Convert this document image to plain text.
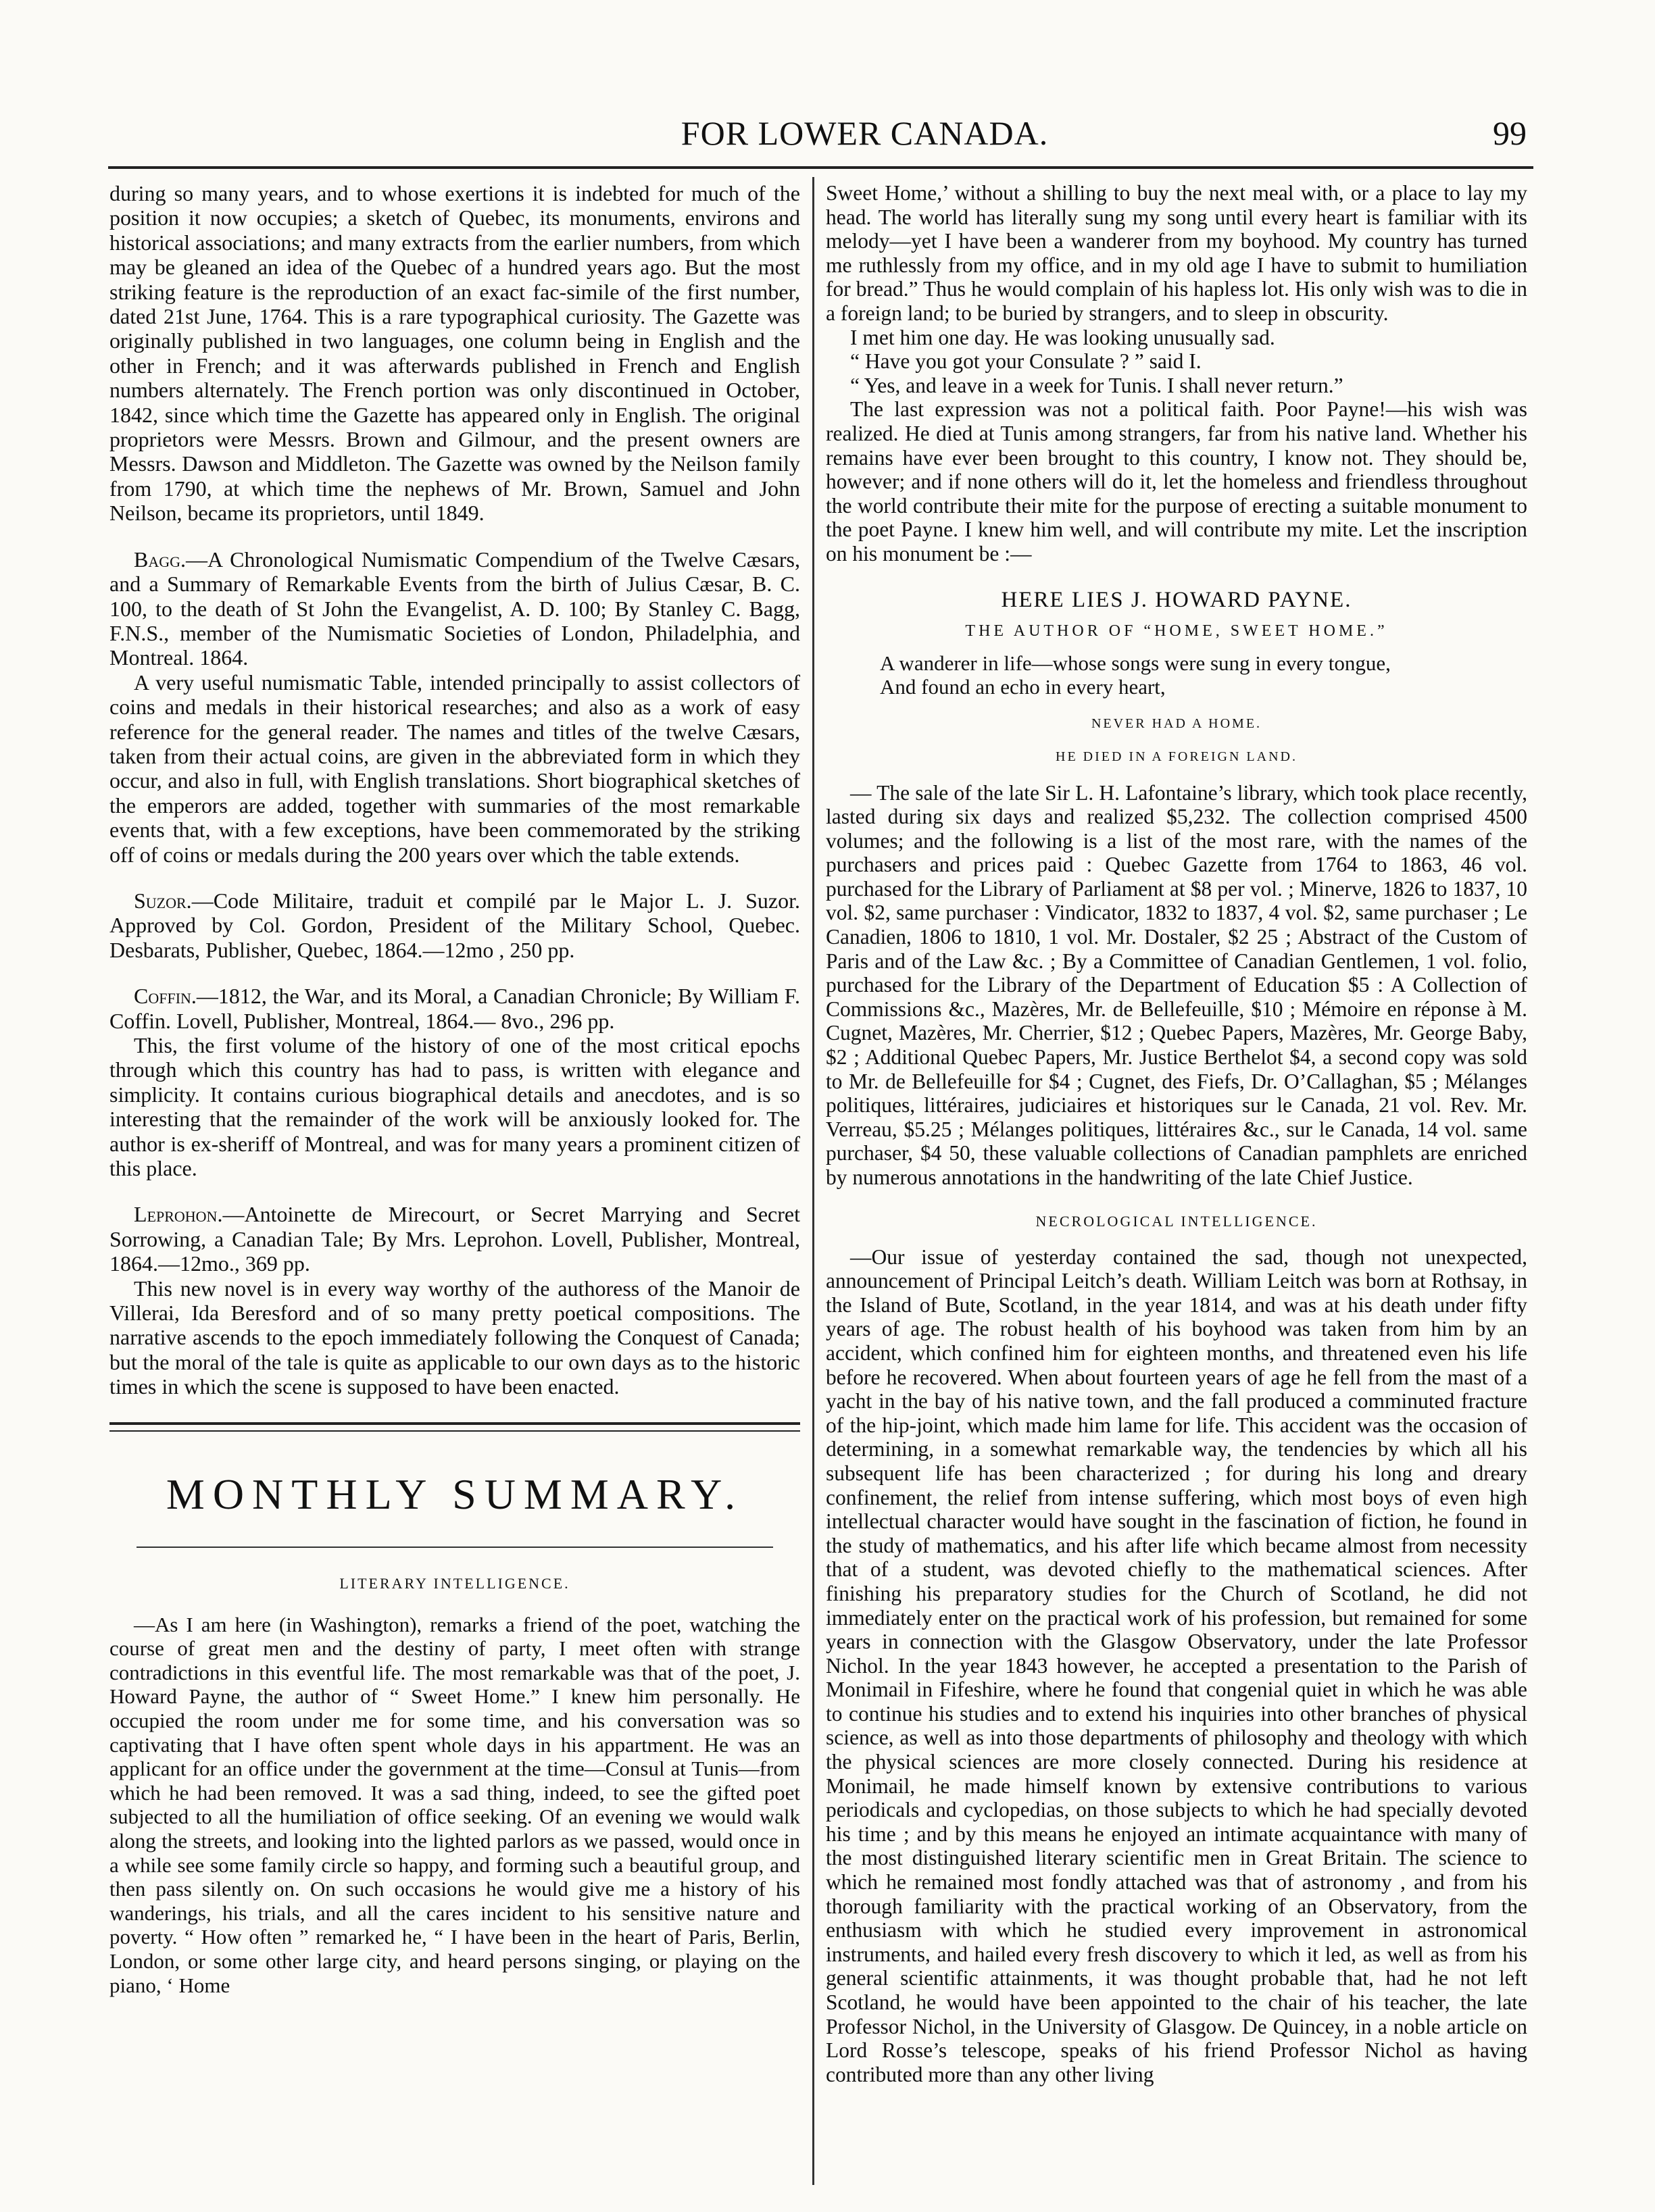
FOR LOWER CANADA.	99

during so many years, and to whose exertions it is indebted for much of the position it now occupies; a sketch of Quebec, its monuments, environs and historical associations; and many extracts from the earlier numbers, from which may be gleaned an idea of the Quebec of a hundred years ago. But the most striking feature is the reproduction of an exact fac-simile of the first number, dated 21st June, 1764. This is a rare typographical curiosity. The Gazette was originally published in two languages, one column being in English and the other in French; and it was afterwards published in French and English numbers alternately. The French portion was only discontinued in October, 1842, since which time the Gazette has appeared only in English. The original proprietors were Messrs. Brown and Gilmour, and the present owners are Messrs. Dawson and Middleton. The Gazette was owned by the Neilson family from 1790, at which time the nephews of Mr. Brown, Samuel and John Neilson, became its proprietors, until 1849.

Bagg.—A Chronological Numismatic Compendium of the Twelve Cæsars, and a Summary of Remarkable Events from the birth of Julius Cæsar, B. C. 100, to the death of St John the Evangelist, A. D. 100; By Stanley C. Bagg, F.N.S., member of the Numismatic Societies of London, Philadelphia, and Montreal. 1864.

A very useful numismatic Table, intended principally to assist collectors of coins and medals in their historical researches; and also as a work of easy reference for the general reader. The names and titles of the twelve Cæsars, taken from their actual coins, are given in the abbreviated form in which they occur, and also in full, with English translations. Short biographical sketches of the emperors are added, together with summaries of the most remarkable events that, with a few exceptions, have been commemorated by the striking off of coins or medals during the 200 years over which the table extends.

Suzor.—Code Militaire, traduit et compilé par le Major L. J. Suzor. Approved by Col. Gordon, President of the Military School, Quebec. Desbarats, Publisher, Quebec, 1864.—12mo , 250 pp.

Coffin.—1812, the War, and its Moral, a Canadian Chronicle; By William F. Coffin. Lovell, Publisher, Montreal, 1864.— 8vo., 296 pp.

This, the first volume of the history of one of the most critical epochs through which this country has had to pass, is written with elegance and simplicity. It contains curious biographical details and anecdotes, and is so interesting that the remainder of the work will be anxiously looked for. The author is ex-sheriff of Montreal, and was for many years a prominent citizen of this place.

Leprohon.—Antoinette de Mirecourt, or Secret Marrying and Secret Sorrowing, a Canadian Tale; By Mrs. Leprohon. Lovell, Publisher, Montreal, 1864.—12mo., 369 pp.

This new novel is in every way worthy of the authoress of the Manoir de Villerai, Ida Beresford and of so many pretty poetical compositions. The narrative ascends to the epoch immediately following the Conquest of Canada; but the moral of the tale is quite as applicable to our own days as to the historic times in which the scene is supposed to have been enacted.

MONTHLY SUMMARY.
LITERARY INTELLIGENCE.

—As I am here (in Washington), remarks a friend of the poet, watching the course of great men and the destiny of party, I meet often with strange contradictions in this eventful life. The most remarkable was that of the poet, J. Howard Payne, the author of “ Sweet Home.” I knew him personally. He occupied the room under me for some time, and his conversation was so captivating that I have often spent whole days in his appartment. He was an applicant for an office under the government at the time—Consul at Tunis—from which he had been removed. It was a sad thing, indeed, to see the gifted poet subjected to all the humiliation of office seeking. Of an evening we would walk along the streets, and looking into the lighted parlors as we passed, would once in a while see some family circle so happy, and forming such a beautiful group, and then pass silently on. On such occasions he would give me a history of his wanderings, his trials, and all the cares incident to his sensitive nature and poverty. “ How often ” remarked he, “ I have been in the heart of Paris, Berlin, London, or some other large city, and heard persons singing, or playing on the piano, ‘ Home

Sweet Home,’ without a shilling to buy the next meal with, or a place to lay my head. The world has literally sung my song until every heart is familiar with its melody—yet I have been a wanderer from my boyhood. My country has turned me ruthlessly from my office, and in my old age I have to submit to humiliation for bread.” Thus he would complain of his hapless lot. His only wish was to die in a foreign land; to be buried by strangers, and to sleep in obscurity.

I met him one day. He was looking unusually sad.

“ Have you got your Consulate ? ” said I.

“ Yes, and leave in a week for Tunis. I shall never return.”

The last expression was not a political faith. Poor Payne!—his wish was realized. He died at Tunis among strangers, far from his native land. Whether his remains have ever been brought to this country, I know not. They should be, however; and if none others will do it, let the homeless and friendless throughout the world contribute their mite for the purpose of erecting a suitable monument to the poet Payne. I knew him well, and will contribute my mite. Let the inscription on his monument be :—

HERE LIES J. HOWARD PAYNE.
THE AUTHOR OF “HOME, SWEET HOME.”
A wanderer in life—whose songs were sung in every tongue,
And found an echo in every heart,
NEVER HAD A HOME.
HE DIED IN A FOREIGN LAND.

— The sale of the late Sir L. H. Lafontaine’s library, which took place recently, lasted during six days and realized $5,232. The collection comprised 4500 volumes; and the following is a list of the most rare, with the names of the purchasers and prices paid : Quebec Gazette from 1764 to 1863, 46 vol. purchased for the Library of Parliament at $8 per vol. ; Minerve, 1826 to 1837, 10 vol. $2, same purchaser : Vindicator, 1832 to 1837, 4 vol. $2, same purchaser ; Le Canadien, 1806 to 1810, 1 vol. Mr. Dostaler, $2 25 ; Abstract of the Custom of Paris and of the Law &c. ; By a Committee of Canadian Gentlemen, 1 vol. folio, purchased for the Library of the Department of Education $5 : A Collection of Commissions &c., Mazères, Mr. de Bellefeuille, $10 ; Mémoire en réponse à M. Cugnet, Mazères, Mr. Cherrier, $12 ; Quebec Papers, Mazères, Mr. George Baby, $2 ; Additional Quebec Papers, Mr. Justice Berthelot $4, a second copy was sold to Mr. de Bellefeuille for $4 ; Cugnet, des Fiefs, Dr. O’Callaghan, $5 ; Mélanges politiques, littéraires, judiciaires et historiques sur le Canada, 21 vol. Rev. Mr. Verreau, $5.25 ; Mélanges politiques, littéraires &c., sur le Canada, 14 vol. same purchaser, $4 50, these valuable collections of Canadian pamphlets are enriched by numerous annotations in the handwriting of the late Chief Justice.

NECROLOGICAL INTELLIGENCE.

—Our issue of yesterday contained the sad, though not unexpected, announcement of Principal Leitch’s death. William Leitch was born at Rothsay, in the Island of Bute, Scotland, in the year 1814, and was at his death under fifty years of age. The robust health of his boyhood was taken from him by an accident, which confined him for eighteen months, and threatened even his life before he recovered. When about fourteen years of age he fell from the mast of a yacht in the bay of his native town, and the fall produced a comminuted fracture of the hip-joint, which made him lame for life. This accident was the occasion of determining, in a somewhat remarkable way, the tendencies by which all his subsequent life has been characterized ; for during his long and dreary confinement, the relief from intense suffering, which most boys of even high intellectual character would have sought in the fascination of fiction, he found in the study of mathematics, and his after life which became almost from necessity that of a student, was devoted chiefly to the mathematical sciences. After finishing his preparatory studies for the Church of Scotland, he did not immediately enter on the practical work of his profession, but remained for some years in connection with the Glasgow Observatory, under the late Professor Nichol. In the year 1843 however, he accepted a presentation to the Parish of Monimail in Fifeshire, where he found that congenial quiet in which he was able to continue his studies and to extend his inquiries into other branches of physical science, as well as into those departments of philosophy and theology with which the physical sciences are more closely connected. During his residence at Monimail, he made himself known by extensive contributions to various periodicals and cyclopedias, on those subjects to which he had specially devoted his time ; and by this means he enjoyed an intimate acquaintance with many of the most distinguished literary scientific men in Great Britain. The science to which he remained most fondly attached was that of astronomy , and from his thorough familiarity with the practical working of an Observatory, from the enthusiasm with which he studied every improvement in astronomical instruments, and hailed every fresh discovery to which it led, as well as from his general scientific attainments, it was thought probable that, had he not left Scotland, he would have been appointed to the chair of his teacher, the late Professor Nichol, in the University of Glasgow. De Quincey, in a noble article on Lord Rosse’s telescope, speaks of his friend Professor Nichol as having contributed more than any other living
